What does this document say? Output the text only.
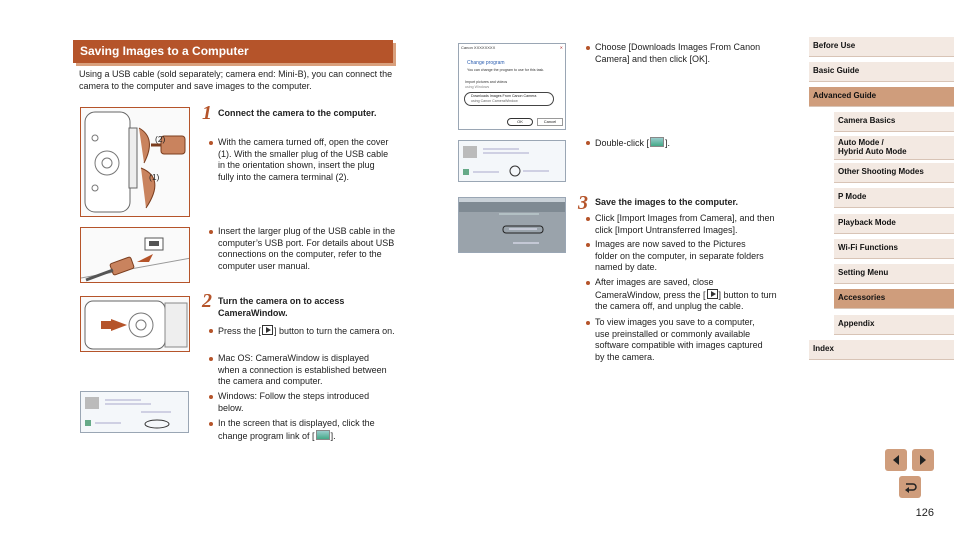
Saving Images to a Computer
Using a USB cable (sold separately; camera end: Mini-B), you can connect the camera to the computer and save images to the computer.
(2)
(1)
1 Connect the camera to the computer.
With the camera turned off, open the cover (1). With the smaller plug of the USB cable in the orientation shown, insert the plug fully into the camera terminal (2).
Insert the larger plug of the USB cable in the computer’s USB port. For details about USB connections on the computer, refer to the computer user manual.
2 Turn the camera on to access CameraWindow.
Press the [ ] button to turn the camera on.
Mac OS: CameraWindow is displayed when a connection is established between the camera and computer.
Windows: Follow the steps introduced below.
In the screen that is displayed, click the change program link of [ ].
Canon XXXXXXXX	✕
Change program
You can change the program to use for this task.
Import pictures and videos
using Windows
Downloads Images From Canon Camera
using Canon CameraWindow
OK	Cancel
Choose [Downloads Images From Canon Camera] and then click [OK].
Double-click [ ].
3 Save the images to the computer.
Click [Import Images from Camera], and then click [Import Untransferred Images].
Images are now saved to the Pictures folder on the computer, in separate folders named by date.
After images are saved, close CameraWindow, press the [ ] button to turn the camera off, and unplug the cable.
To view images you save to a computer, use preinstalled or commonly available software compatible with images captured by the camera.
Before Use
Basic Guide
Advanced Guide
Camera Basics
Auto Mode /
Hybrid Auto Mode
Other Shooting Modes
P Mode
Playback Mode
Wi-Fi Functions
Setting Menu
Accessories
Appendix
Index
126
